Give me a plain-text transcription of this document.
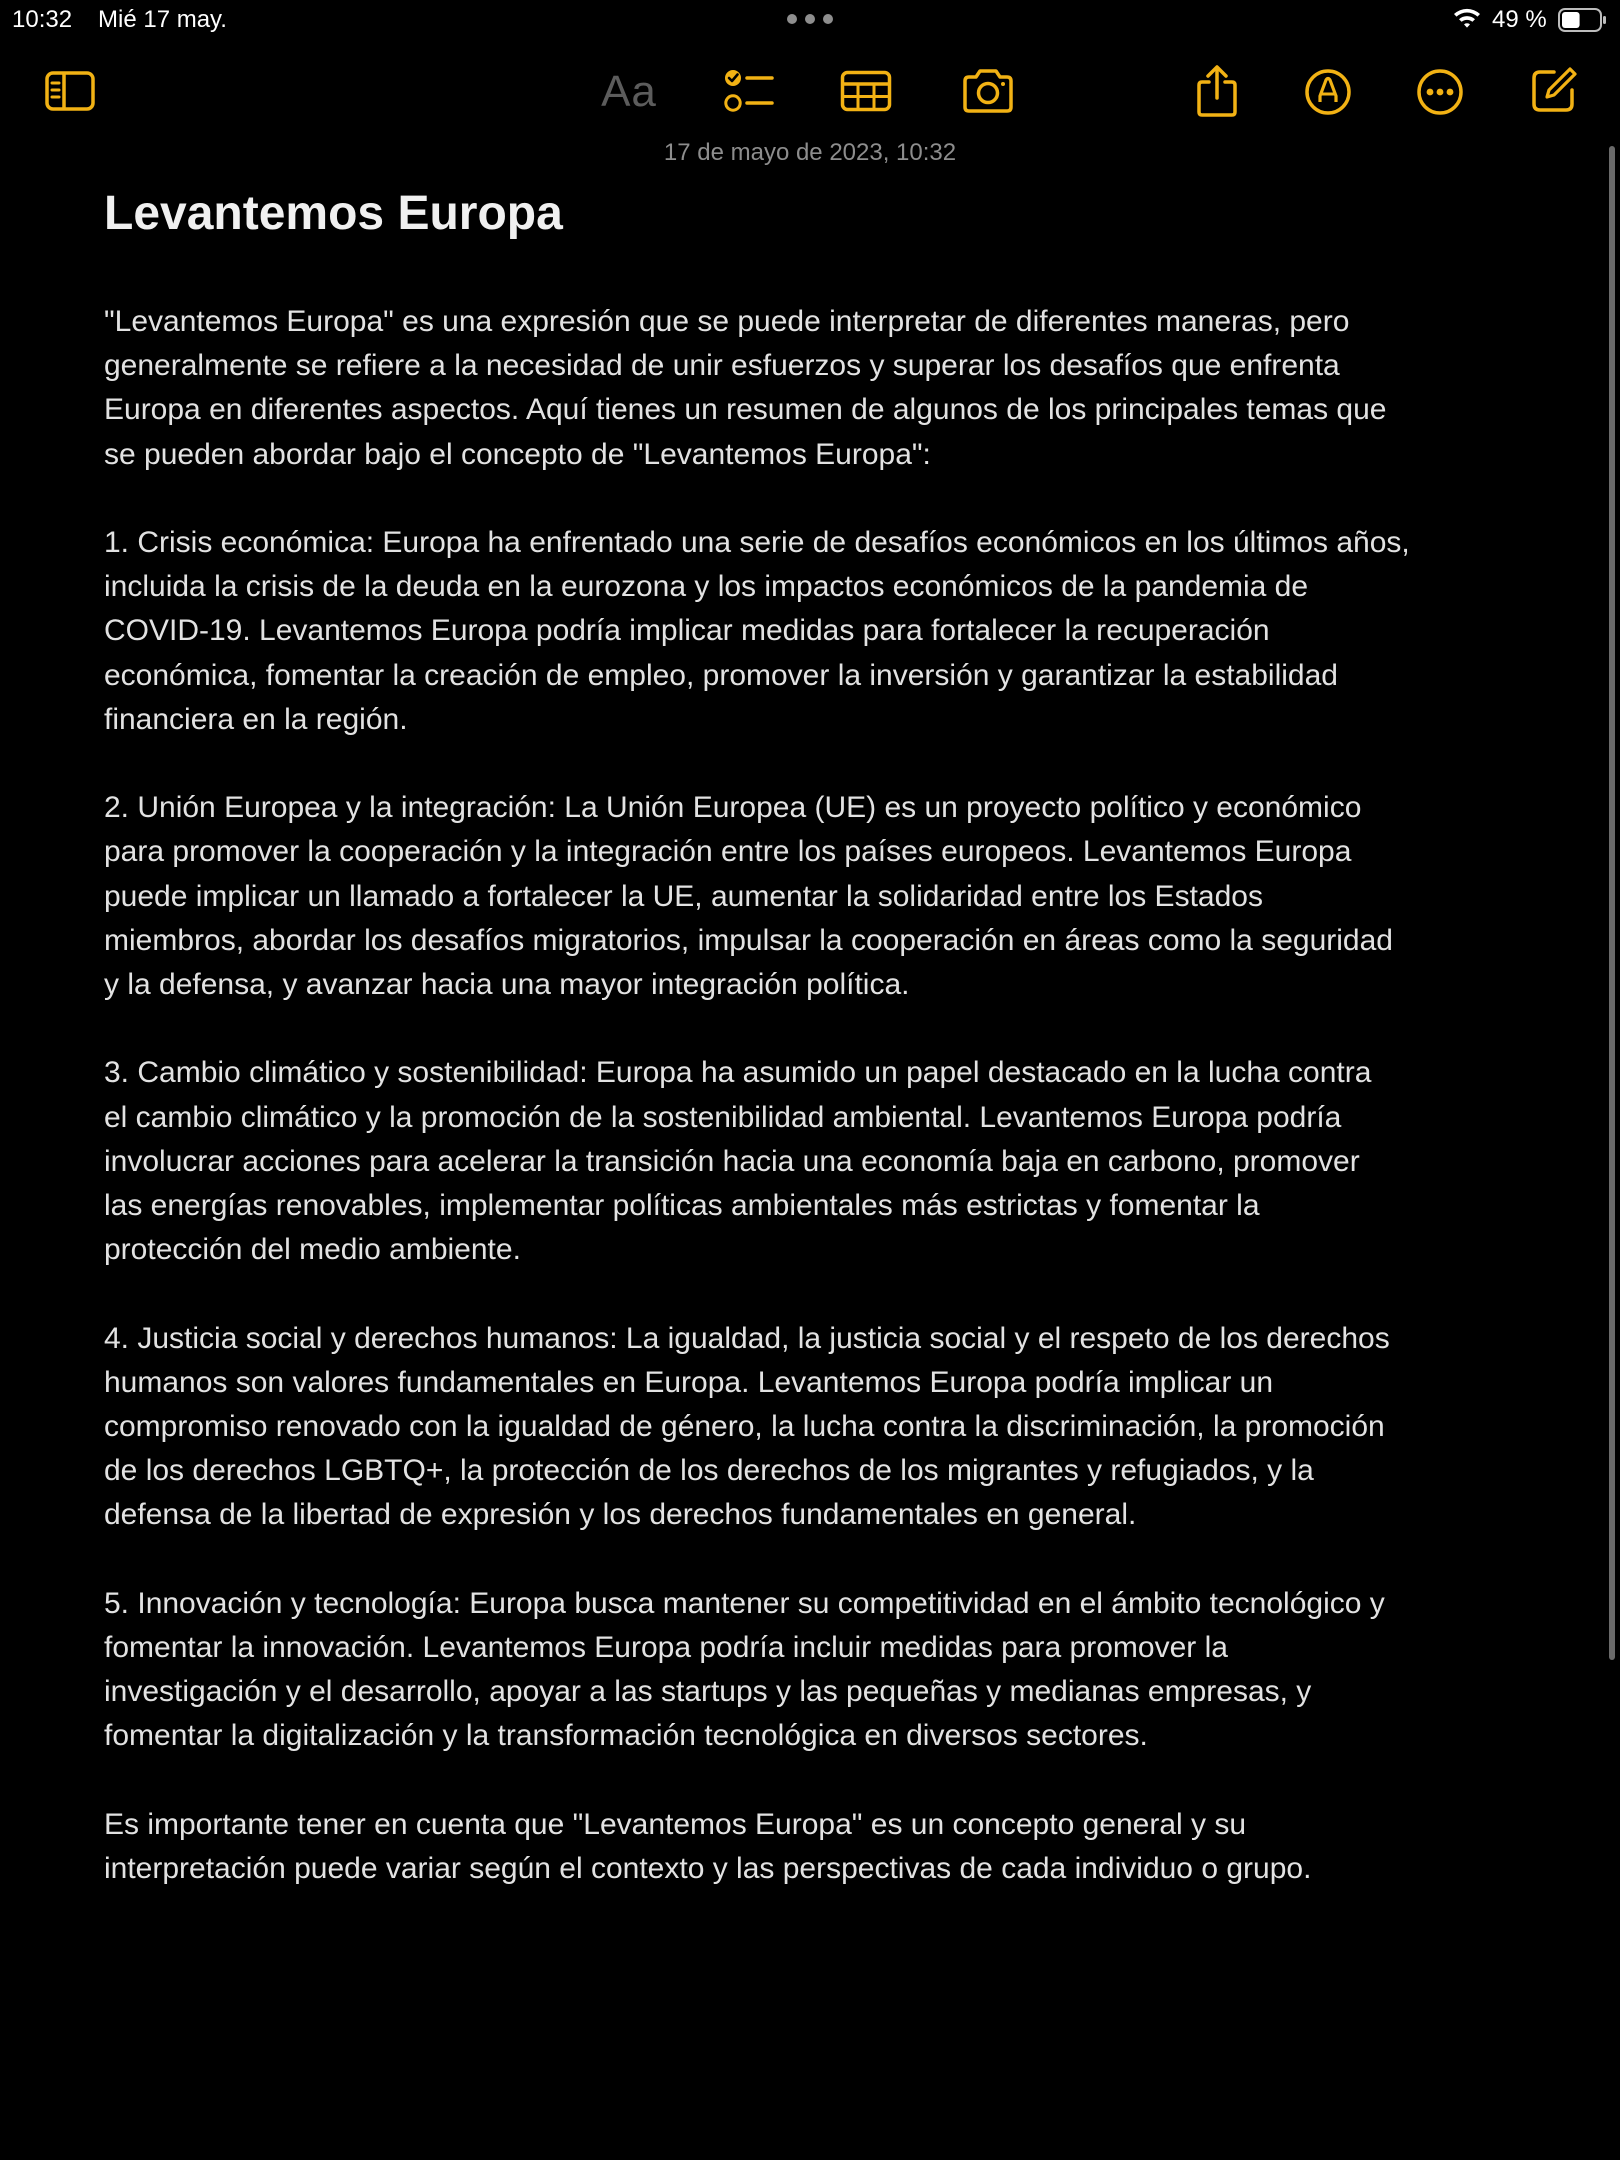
10:32 Mié 17 may.	49 %
Aa
17 de mayo de 2023, 10:32
Levantemos Europa

"Levantemos Europa" es una expresión que se puede interpretar de diferentes maneras, pero
generalmente se refiere a la necesidad de unir esfuerzos y superar los desafíos que enfrenta
Europa en diferentes aspectos. Aquí tienes un resumen de algunos de los principales temas que
se pueden abordar bajo el concepto de "Levantemos Europa":

1. Crisis económica: Europa ha enfrentado una serie de desafíos económicos en los últimos años,
incluida la crisis de la deuda en la eurozona y los impactos económicos de la pandemia de
COVID-19. Levantemos Europa podría implicar medidas para fortalecer la recuperación
económica, fomentar la creación de empleo, promover la inversión y garantizar la estabilidad
financiera en la región.

2. Unión Europea y la integración: La Unión Europea (UE) es un proyecto político y económico
para promover la cooperación y la integración entre los países europeos. Levantemos Europa
puede implicar un llamado a fortalecer la UE, aumentar la solidaridad entre los Estados
miembros, abordar los desafíos migratorios, impulsar la cooperación en áreas como la seguridad
y la defensa, y avanzar hacia una mayor integración política.

3. Cambio climático y sostenibilidad: Europa ha asumido un papel destacado en la lucha contra
el cambio climático y la promoción de la sostenibilidad ambiental. Levantemos Europa podría
involucrar acciones para acelerar la transición hacia una economía baja en carbono, promover
las energías renovables, implementar políticas ambientales más estrictas y fomentar la
protección del medio ambiente.

4. Justicia social y derechos humanos: La igualdad, la justicia social y el respeto de los derechos
humanos son valores fundamentales en Europa. Levantemos Europa podría implicar un
compromiso renovado con la igualdad de género, la lucha contra la discriminación, la promoción
de los derechos LGBTQ+, la protección de los derechos de los migrantes y refugiados, y la
defensa de la libertad de expresión y los derechos fundamentales en general.

5. Innovación y tecnología: Europa busca mantener su competitividad en el ámbito tecnológico y
fomentar la innovación. Levantemos Europa podría incluir medidas para promover la
investigación y el desarrollo, apoyar a las startups y las pequeñas y medianas empresas, y
fomentar la digitalización y la transformación tecnológica en diversos sectores.

Es importante tener en cuenta que "Levantemos Europa" es un concepto general y su
interpretación puede variar según el contexto y las perspectivas de cada individuo o grupo.
